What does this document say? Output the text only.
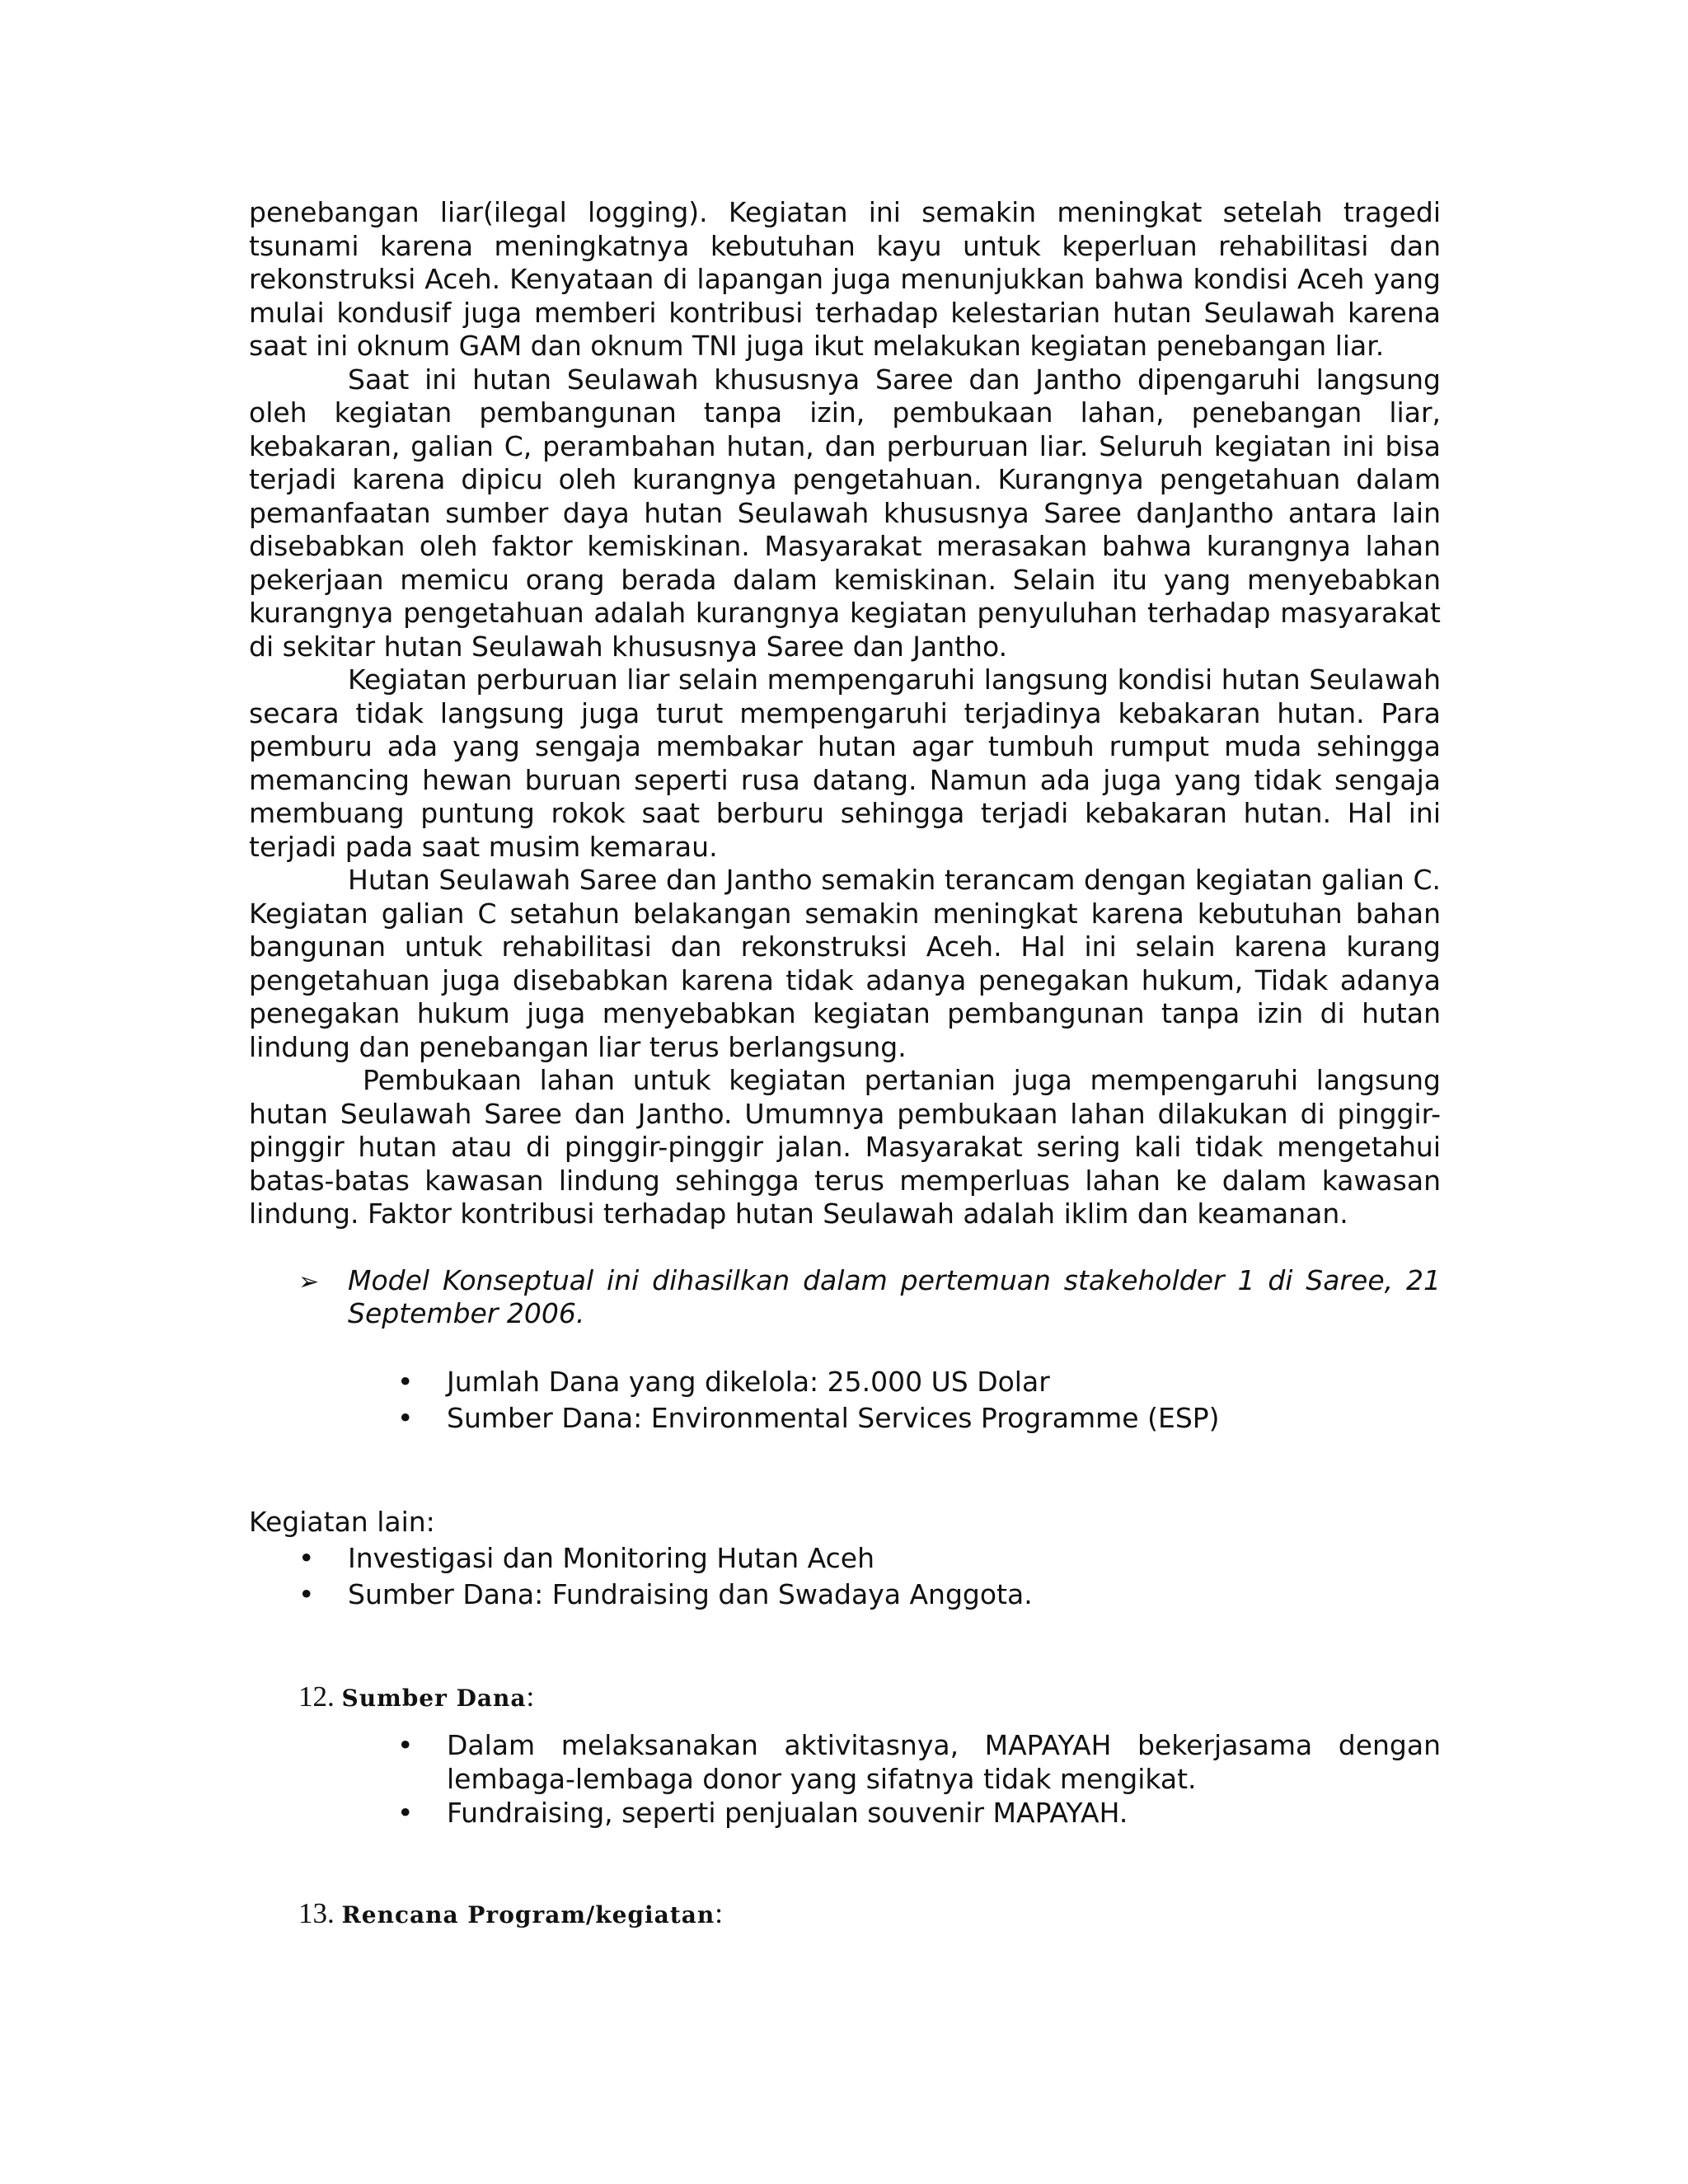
penebangan liar(ilegal logging). Kegiatan ini semakin meningkat setelah tragedi tsunami karena meningkatnya kebutuhan kayu untuk keperluan rehabilitasi dan rekonstruksi Aceh. Kenyataan di lapangan juga menunjukkan bahwa kondisi Aceh yang mulai kondusif juga memberi kontribusi terhadap kelestarian hutan Seulawah karena saat ini oknum GAM dan oknum TNI juga ikut melakukan kegiatan penebangan liar.

Saat ini hutan Seulawah khususnya Saree dan Jantho dipengaruhi langsung oleh kegiatan pembangunan tanpa izin, pembukaan lahan, penebangan liar, kebakaran, galian C, perambahan hutan, dan perburuan liar. Seluruh kegiatan ini bisa terjadi karena dipicu oleh kurangnya pengetahuan. Kurangnya pengetahuan dalam pemanfaatan sumber daya hutan Seulawah khususnya Saree danJantho antara lain disebabkan oleh faktor kemiskinan. Masyarakat merasakan bahwa kurangnya lahan pekerjaan memicu orang berada dalam kemiskinan. Selain itu yang menyebabkan kurangnya pengetahuan adalah kurangnya kegiatan penyuluhan terhadap masyarakat di sekitar hutan Seulawah khususnya Saree dan Jantho.

Kegiatan perburuan liar selain mempengaruhi langsung kondisi hutan Seulawah secara tidak langsung juga turut mempengaruhi terjadinya kebakaran hutan. Para pemburu ada yang sengaja membakar hutan agar tumbuh rumput muda sehingga memancing hewan buruan seperti rusa datang. Namun ada juga yang tidak sengaja membuang puntung rokok saat berburu sehingga terjadi kebakaran hutan. Hal ini terjadi pada saat musim kemarau.

Hutan Seulawah Saree dan Jantho semakin terancam dengan kegiatan galian C. Kegiatan galian C setahun belakangan semakin meningkat karena kebutuhan bahan bangunan untuk rehabilitasi dan rekonstruksi Aceh. Hal ini selain karena kurang pengetahuan juga disebabkan karena tidak adanya penegakan hukum, Tidak adanya penegakan hukum juga menyebabkan kegiatan pembangunan tanpa izin di hutan lindung dan penebangan liar terus berlangsung.

Pembukaan lahan untuk kegiatan pertanian juga mempengaruhi langsung hutan Seulawah Saree dan Jantho. Umumnya pembukaan lahan dilakukan di pinggir-pinggir hutan atau di pinggir-pinggir jalan. Masyarakat sering kali tidak mengetahui batas-batas kawasan lindung sehingga terus memperluas lahan ke dalam kawasan lindung. Faktor kontribusi terhadap hutan Seulawah adalah iklim dan keamanan.

➢ Model Konseptual ini dihasilkan dalam pertemuan stakeholder 1 di Saree, 21 September 2006.
• Jumlah Dana yang dikelola: 25.000 US Dolar
• Sumber Dana: Environmental Services Programme (ESP)

Kegiatan lain:

• Investigasi dan Monitoring Hutan Aceh
• Sumber Dana: Fundraising dan Swadaya Anggota.
12. Sumber Dana:
• Dalam melaksanakan aktivitasnya, MAPAYAH bekerjasama dengan lembaga-lembaga donor yang sifatnya tidak mengikat.
• Fundraising, seperti penjualan souvenir MAPAYAH.
13. Rencana Program/kegiatan:
